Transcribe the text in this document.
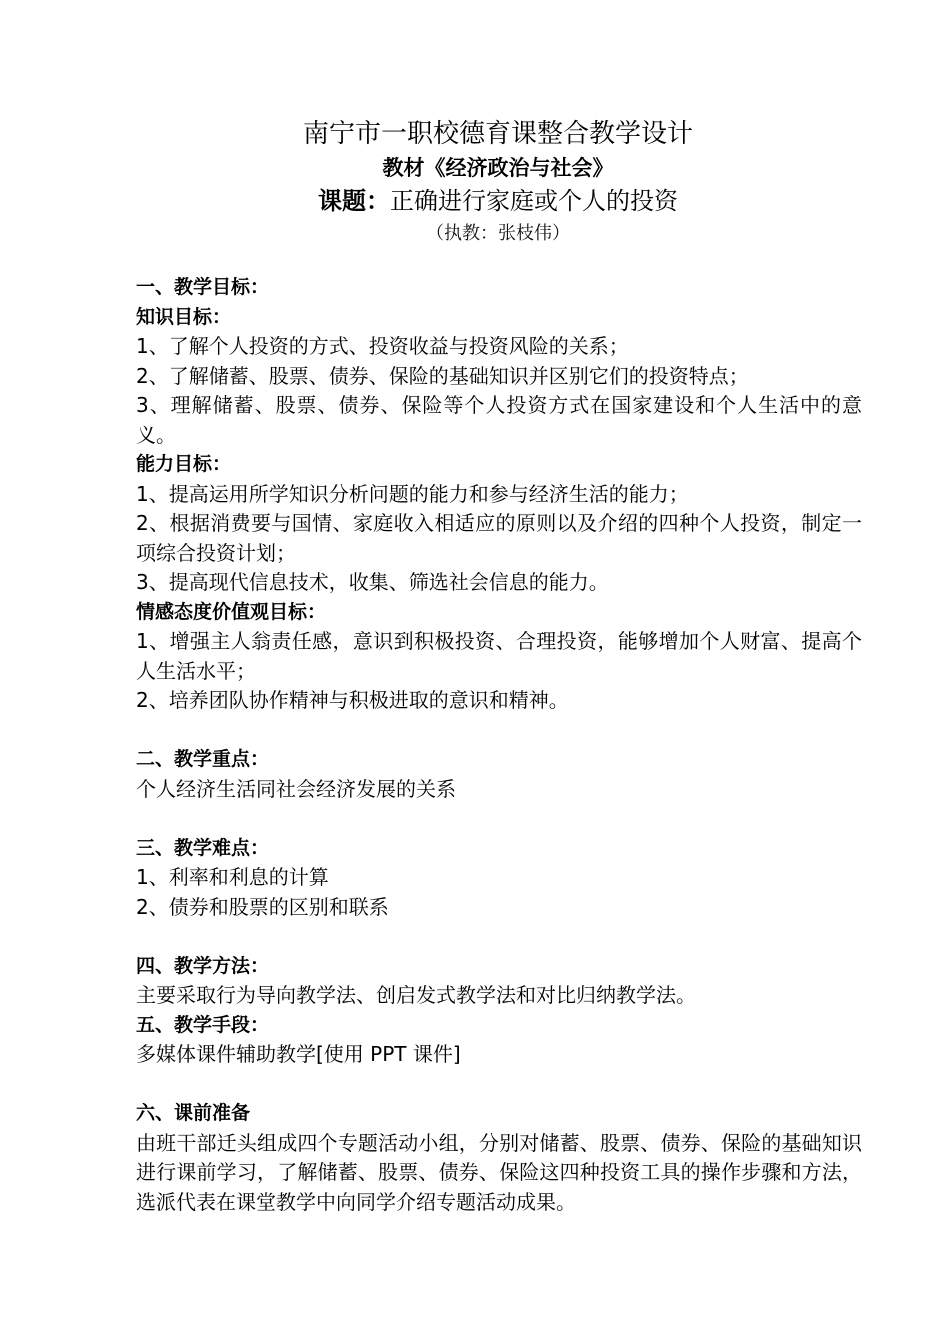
南宁市一职校德育课整合教学设计
教材《经济政治与社会》
课题：正确进行家庭或个人的投资
（执教：张枝伟）

一、教学目标：

知识目标：

1、了解个人投资的方式、投资收益与投资风险的关系；

2、了解储蓄、股票、债券、保险的基础知识并区别它们的投资特点；

3、理解储蓄、股票、债券、保险等个人投资方式在国家建设和个人生活中的意义。

能力目标：

1、提高运用所学知识分析问题的能力和参与经济生活的能力；

2、根据消费要与国情、家庭收入相适应的原则以及介绍的四种个人投资，制定一项综合投资计划；

3、提高现代信息技术，收集、筛选社会信息的能力。

情感态度价值观目标：

1、增强主人翁责任感，意识到积极投资、合理投资，能够增加个人财富、提高个人生活水平；

2、培养团队协作精神与积极进取的意识和精神。

二、教学重点：

个人经济生活同社会经济发展的关系

三、教学难点：

1、利率和利息的计算

2、债券和股票的区别和联系

四、教学方法：

主要采取行为导向教学法、创启发式教学法和对比归纳教学法。

五、教学手段：

多媒体课件辅助教学[使用 PPT 课件]

六、课前准备

由班干部迁头组成四个专题活动小组，分别对储蓄、股票、债券、保险的基础知识进行课前学习，了解储蓄、股票、债券、保险这四种投资工具的操作步骤和方法，选派代表在课堂教学中向同学介绍专题活动成果。
